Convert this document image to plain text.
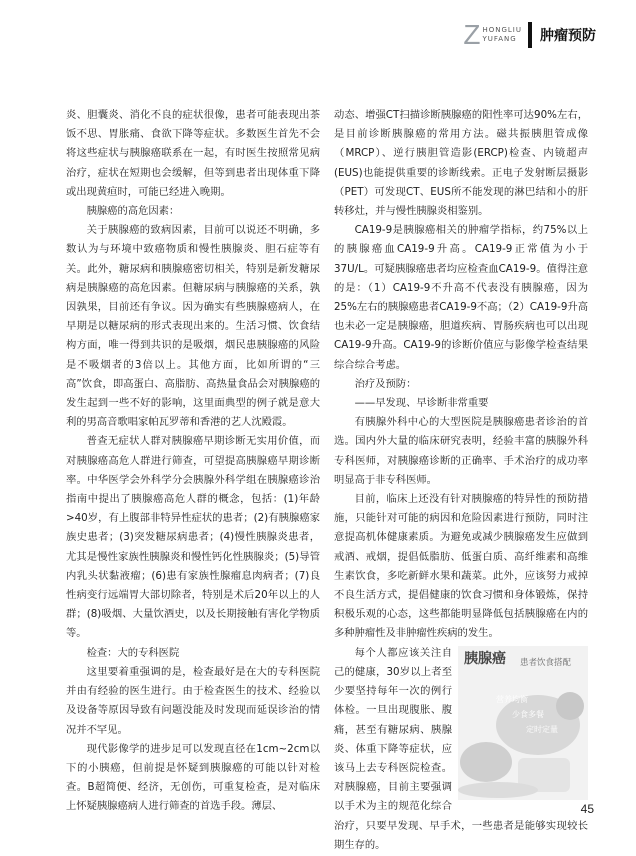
Z HONGLIU
YUFANG	肿瘤预防

炎、胆囊炎、消化不良的症状很像，患者可能表现出茶饭不思、胃胀痛、食欲下降等症状。多数医生首先不会将这些症状与胰腺癌联系在一起，有时医生按照常见病治疗，症状在短期也会缓解，但等到患者出现体重下降或出现黄疸时，可能已经进入晚期。

胰腺癌的高危因素：

关于胰腺癌的致病因素，目前可以说还不明确，多数认为与环境中致癌物质和慢性胰腺炎、胆石症等有关。此外，糖尿病和胰腺癌密切相关，特别是新发糖尿病是胰腺癌的高危因素。但糖尿病与胰腺癌的关系，孰因孰果，目前还有争议。因为确实有些胰腺癌病人，在早期是以糖尿病的形式表现出来的。生活习惯、饮食结构方面，唯一得到共识的是吸烟，烟民患胰腺癌的风险是不吸烟者的3倍以上。其他方面，比如所谓的“三高”饮食，即高蛋白、高脂肪、高热量食品会对胰腺癌的发生起到一些不好的影响，这里面典型的例子就是意大利的男高音歌唱家帕瓦罗蒂和香港的艺人沈殿霞。

普查无症状人群对胰腺癌早期诊断无实用价值，而对胰腺癌高危人群进行筛查，可望提高胰腺癌早期诊断率。中华医学会外科学分会胰腺外科学组在胰腺癌诊治指南中提出了胰腺癌高危人群的概念，包括：(1)年龄>40岁，有上腹部非特异性症状的患者；(2)有胰腺癌家族史患者；(3)突发糖尿病患者；(4)慢性胰腺炎患者，尤其是慢性家族性胰腺炎和慢性钙化性胰腺炎；(5)导管内乳头状黏液瘤；(6)患有家族性腺瘤息肉病者；(7)良性病变行远端胃大部切除者，特别是术后20年以上的人群；(8)吸烟、大量饮酒史，以及长期接触有害化学物质等。

检查：大的专科医院

这里要着重强调的是，检查最好是在大的专科医院并由有经验的医生进行。由于检查医生的技术、经验以及设备等原因导致有问题没能及时发现而延误诊治的情况并不罕见。

现代影像学的进步足可以发现直径在1cm~2cm以下的小胰癌，但前提是怀疑到胰腺癌的可能以针对检查。B超简便、经济，无创伤，可重复检查，是对临床上怀疑胰腺癌病人进行筛查的首选手段。薄层、

动态、增强CT扫描诊断胰腺癌的阳性率可达90%左右，是目前诊断胰腺癌的常用方法。磁共振胰胆管成像（MRCP）、逆行胰胆管造影(ERCP)检查、内镜超声(EUS)也能提供重要的诊断线索。正电子发射断层摄影（PET）可发现CT、EUS所不能发现的淋巴结和小的肝转移灶，并与慢性胰腺炎相鉴别。

CA19-9是胰腺癌相关的肿瘤学指标，约75%以上的胰腺癌血CA19-9升高。CA19-9正常值为小于37U/L。可疑胰腺癌患者均应检查血CA19-9。值得注意的是：（1）CA19-9不升高不代表没有胰腺癌，因为25%左右的胰腺癌患者CA19-9不高；（2）CA19-9升高也未必一定是胰腺癌，胆道疾病、胃肠疾病也可以出现CA19-9升高。CA19-9的诊断价值应与影像学检查结果综合综合考虑。

治疗及预防：

——早发现、早诊断非常重要

有胰腺外科中心的大型医院是胰腺癌患者诊治的首选。国内外大量的临床研究表明，经验丰富的胰腺外科专科医师，对胰腺癌诊断的正确率、手术治疗的成功率明显高于非专科医师。

目前，临床上还没有针对胰腺癌的特异性的预防措施，只能针对可能的病因和危险因素进行预防，同时注意提高机体健康素质。为避免或减少胰腺癌发生应做到戒酒、戒烟，提倡低脂肪、低蛋白质、高纤维素和高维生素饮食，多吃新鲜水果和蔬菜。此外，应该努力戒掉不良生活方式，提倡健康的饮食习惯和身体锻炼，保持积极乐观的心态，这些都能明显降低包括胰腺癌在内的多种肿瘤性及非肿瘤性疾病的发生。

胰腺癌 患者饮食搭配
营养均衡
少食多餐
定时定量

每个人都应该关注自己的健康，30岁以上者至少要坚持每年一次的例行体检。一旦出现腹胀、腹痛，甚至有糖尿病、胰腺炎、体重下降等症状，应该马上去专科医院检查。对胰腺癌，目前主要强调以手术为主的规范化综合治疗，只要早发现、早手术，一些患者是能够实现较长期生存的。

45
